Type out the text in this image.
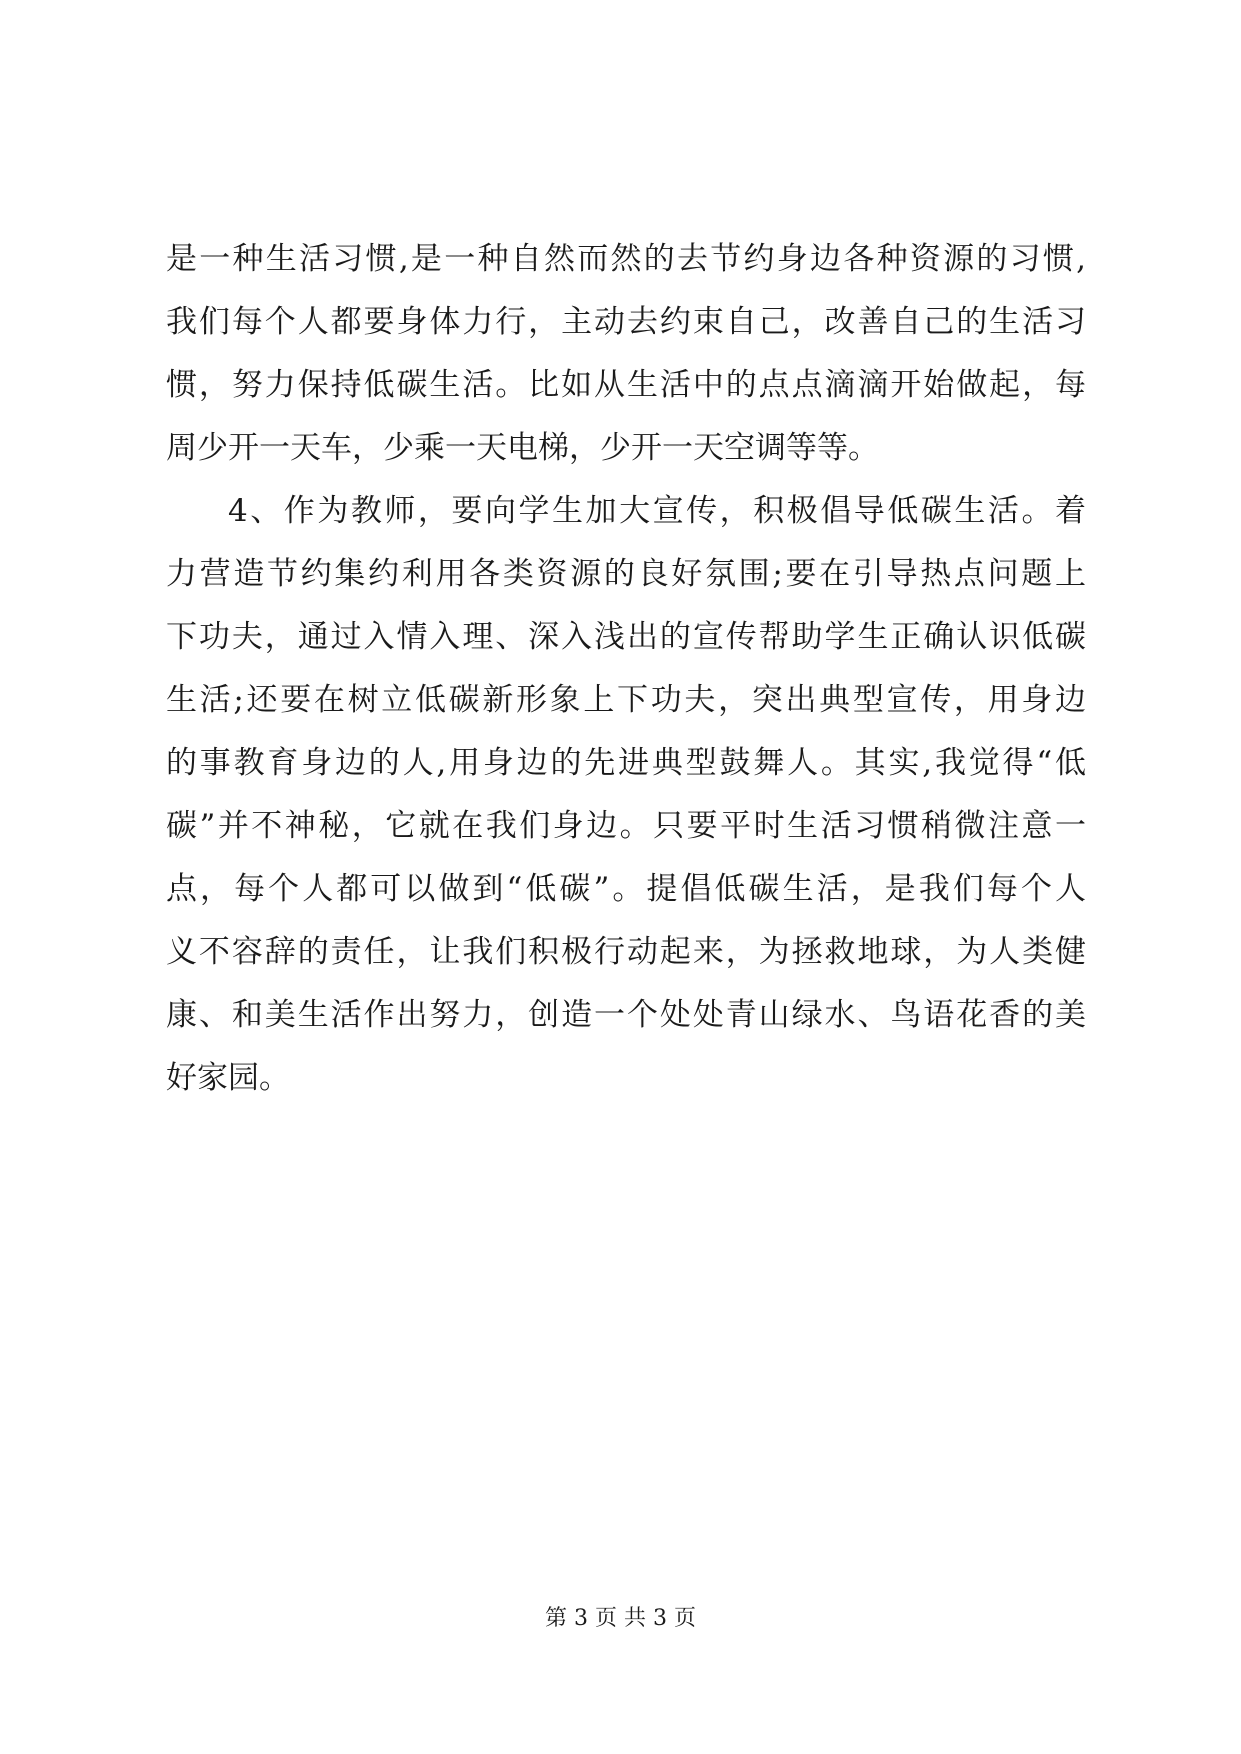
是一种生活习惯,是一种自然而然的去节约身边各种资源的习惯,
我们每个人都要身体力行，主动去约束自己，改善自己的生活习
惯，努力保持低碳生活。比如从生活中的点点滴滴开始做起，每
周少开一天车，少乘一天电梯，少开一天空调等等。
4、作为教师，要向学生加大宣传，积极倡导低碳生活。着
力营造节约集约利用各类资源的良好氛围;要在引导热点问题上
下功夫，通过入情入理、深入浅出的宣传帮助学生正确认识低碳
生活;还要在树立低碳新形象上下功夫，突出典型宣传，用身边
的事教育身边的人,用身边的先进典型鼓舞人。其实,我觉得“低
碳”并不神秘，它就在我们身边。只要平时生活习惯稍微注意一
点，每个人都可以做到“低碳”。提倡低碳生活，是我们每个人
义不容辞的责任，让我们积极行动起来，为拯救地球，为人类健
康、和美生活作出努力，创造一个处处青山绿水、鸟语花香的美
好家园。
第 3 页 共 3 页
